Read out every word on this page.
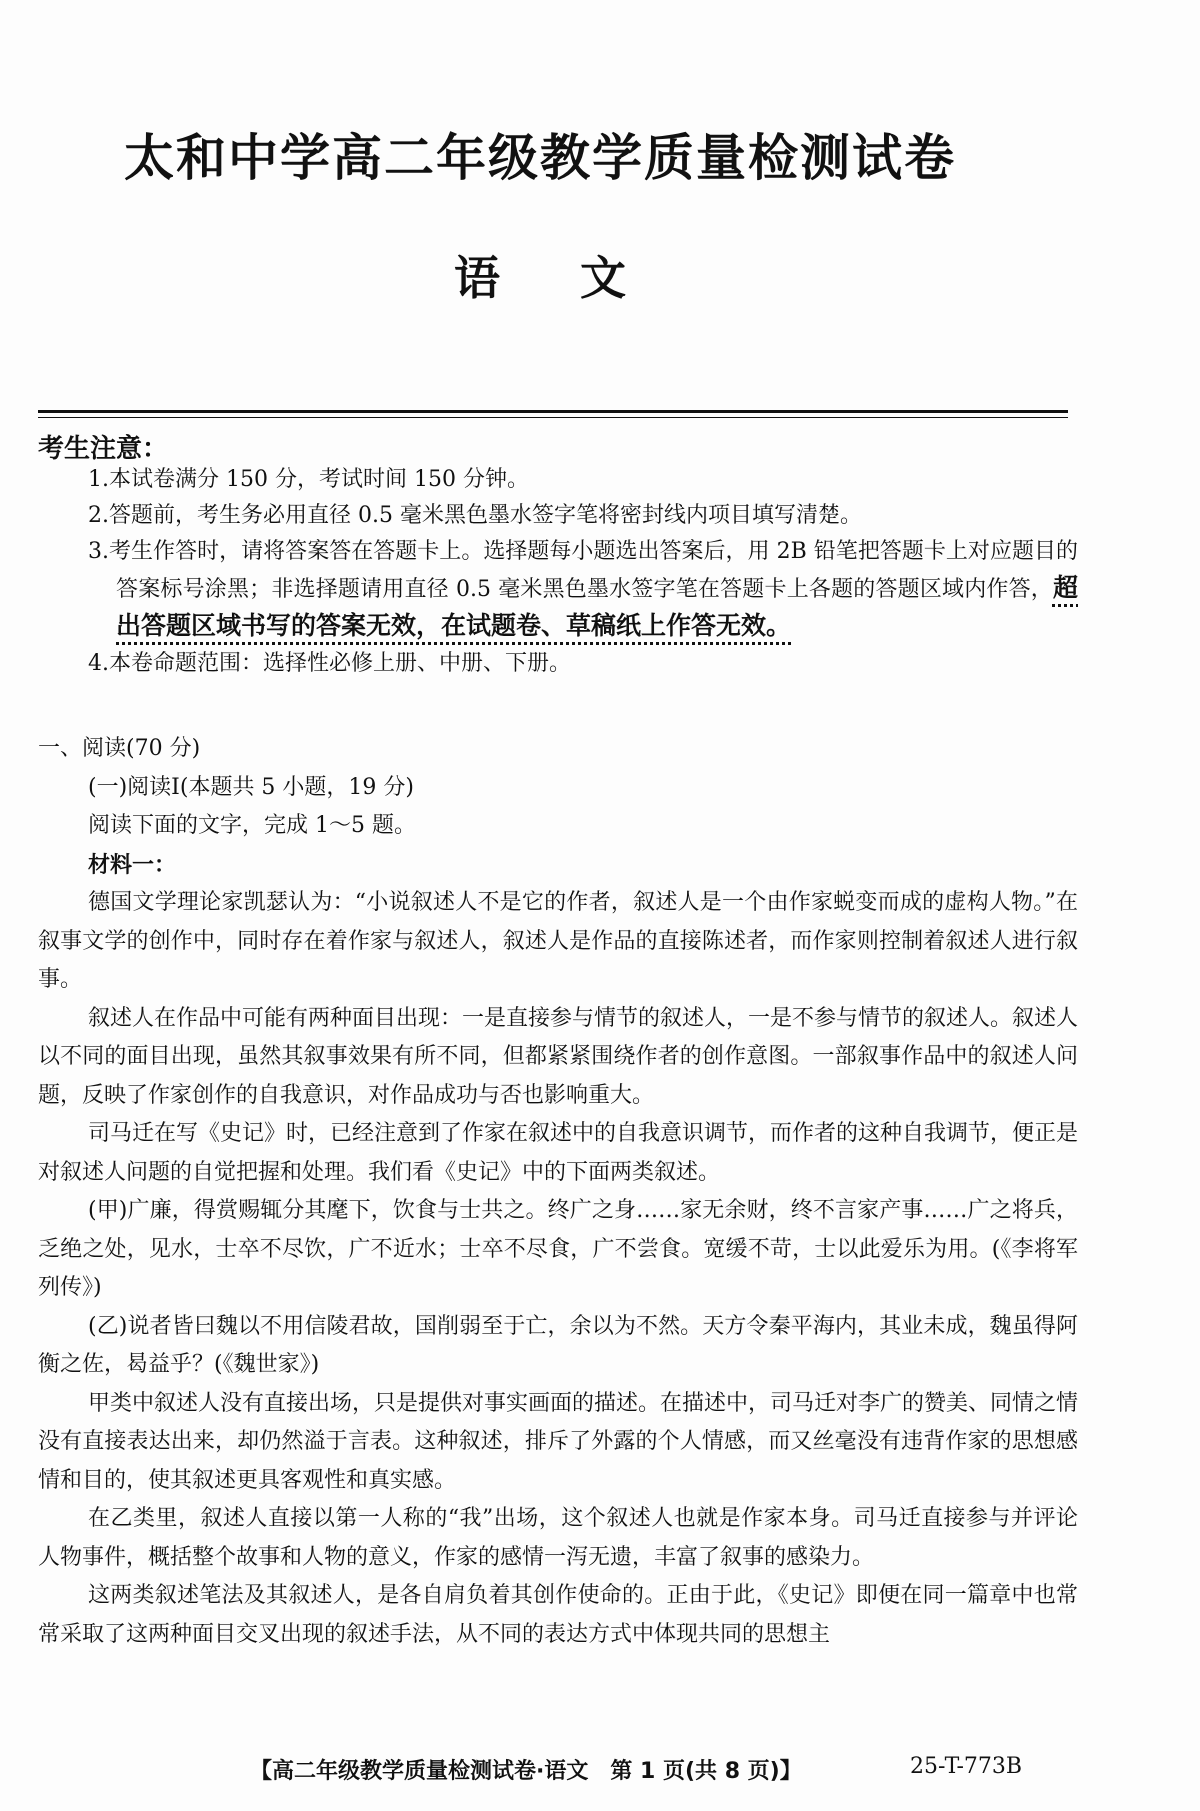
太和中学高二年级教学质量检测试卷
语文
考生注意：

1.本试卷满分 150 分，考试时间 150 分钟。

2.答题前，考生务必用直径 0.5 毫米黑色墨水签字笔将密封线内项目填写清楚。

3.考生作答时，请将答案答在答题卡上。选择题每小题选出答案后，用 2B 铅笔把答题卡上对应题目的答案标号涂黑；非选择题请用直径 0.5 毫米黑色墨水签字笔在答题卡上各题的答题区域内作答，超出答题区域书写的答案无效，在试题卷、草稿纸上作答无效。

4.本卷命题范围：选择性必修上册、中册、下册。

一、阅读(70 分)

(一)阅读Ⅰ(本题共 5 小题，19 分)

阅读下面的文字，完成 1～5 题。

材料一：

德国文学理论家凯瑟认为：“小说叙述人不是它的作者，叙述人是一个由作家蜕变而成的虚构人物。”在叙事文学的创作中，同时存在着作家与叙述人，叙述人是作品的直接陈述者，而作家则控制着叙述人进行叙事。

叙述人在作品中可能有两种面目出现：一是直接参与情节的叙述人，一是不参与情节的叙述人。叙述人以不同的面目出现，虽然其叙事效果有所不同，但都紧紧围绕作者的创作意图。一部叙事作品中的叙述人问题，反映了作家创作的自我意识，对作品成功与否也影响重大。

司马迁在写《史记》时，已经注意到了作家在叙述中的自我意识调节，而作者的这种自我调节，便正是对叙述人问题的自觉把握和处理。我们看《史记》中的下面两类叙述。

(甲)广廉，得赏赐辄分其麾下，饮食与士共之。终广之身……家无余财，终不言家产事……广之将兵，乏绝之处，见水，士卒不尽饮，广不近水；士卒不尽食，广不尝食。宽缓不苛，士以此爱乐为用。(《李将军列传》)

(乙)说者皆曰魏以不用信陵君故，国削弱至于亡，余以为不然。天方令秦平海内，其业未成，魏虽得阿衡之佐，曷益乎？(《魏世家》)

甲类中叙述人没有直接出场，只是提供对事实画面的描述。在描述中，司马迁对李广的赞美、同情之情没有直接表达出来，却仍然溢于言表。这种叙述，排斥了外露的个人情感，而又丝毫没有违背作家的思想感情和目的，使其叙述更具客观性和真实感。

在乙类里，叙述人直接以第一人称的“我”出场，这个叙述人也就是作家本身。司马迁直接参与并评论人物事件，概括整个故事和人物的意义，作家的感情一泻无遗，丰富了叙事的感染力。

这两类叙述笔法及其叙述人，是各自肩负着其创作使命的。正由于此，《史记》即便在同一篇章中也常常采取了这两种面目交叉出现的叙述手法，从不同的表达方式中体现共同的思想主

【高二年级教学质量检测试卷·语文　第 1 页(共 8 页)】	25-T-773B
